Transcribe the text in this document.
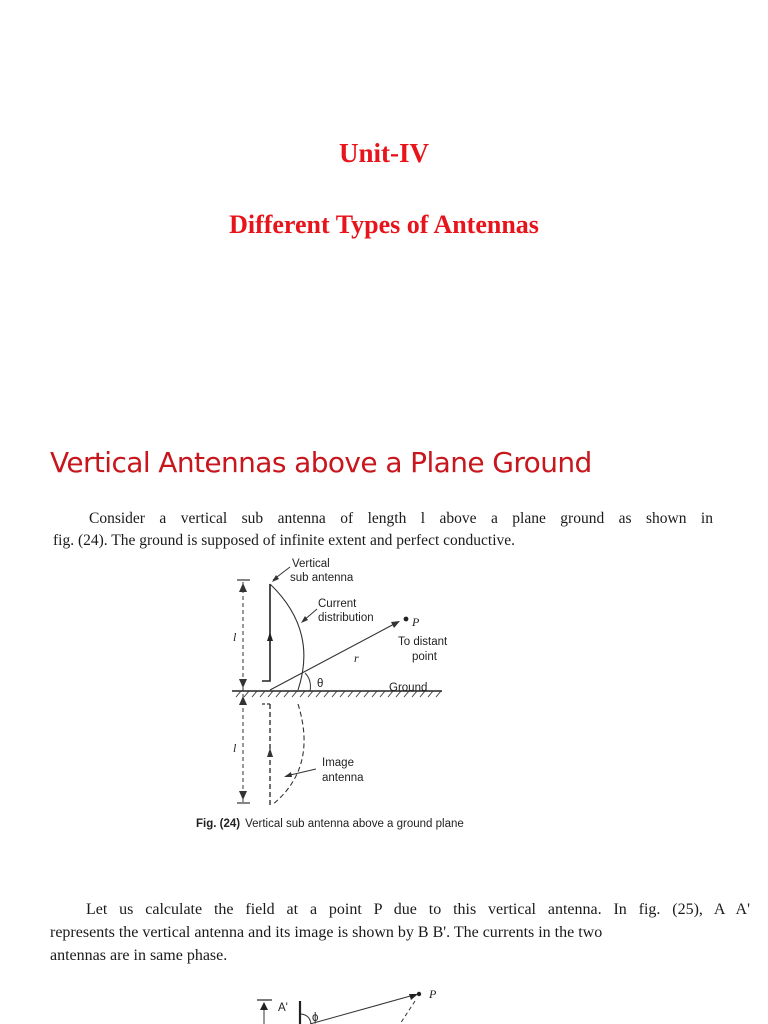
Unit-IV
Different Types of Antennas
Vertical Antennas above a Plane Ground
Consider a vertical sub antenna of length l above a plane ground as shown in
fig. (24). The ground is supposed of infinite extent and perfect conductive.
Vertical
sub antenna
Current
distribution	P
To distant
point
r
θ	Ground
l
l
Image
antenna
A'
P
ϕ
Fig. (24) Vertical sub antenna above a ground plane
Let us calculate the field at a point P due to this vertical antenna. In fig. (25), A A'
represents the vertical antenna and its image is shown by B B'. The currents in the two
antennas are in same phase.
